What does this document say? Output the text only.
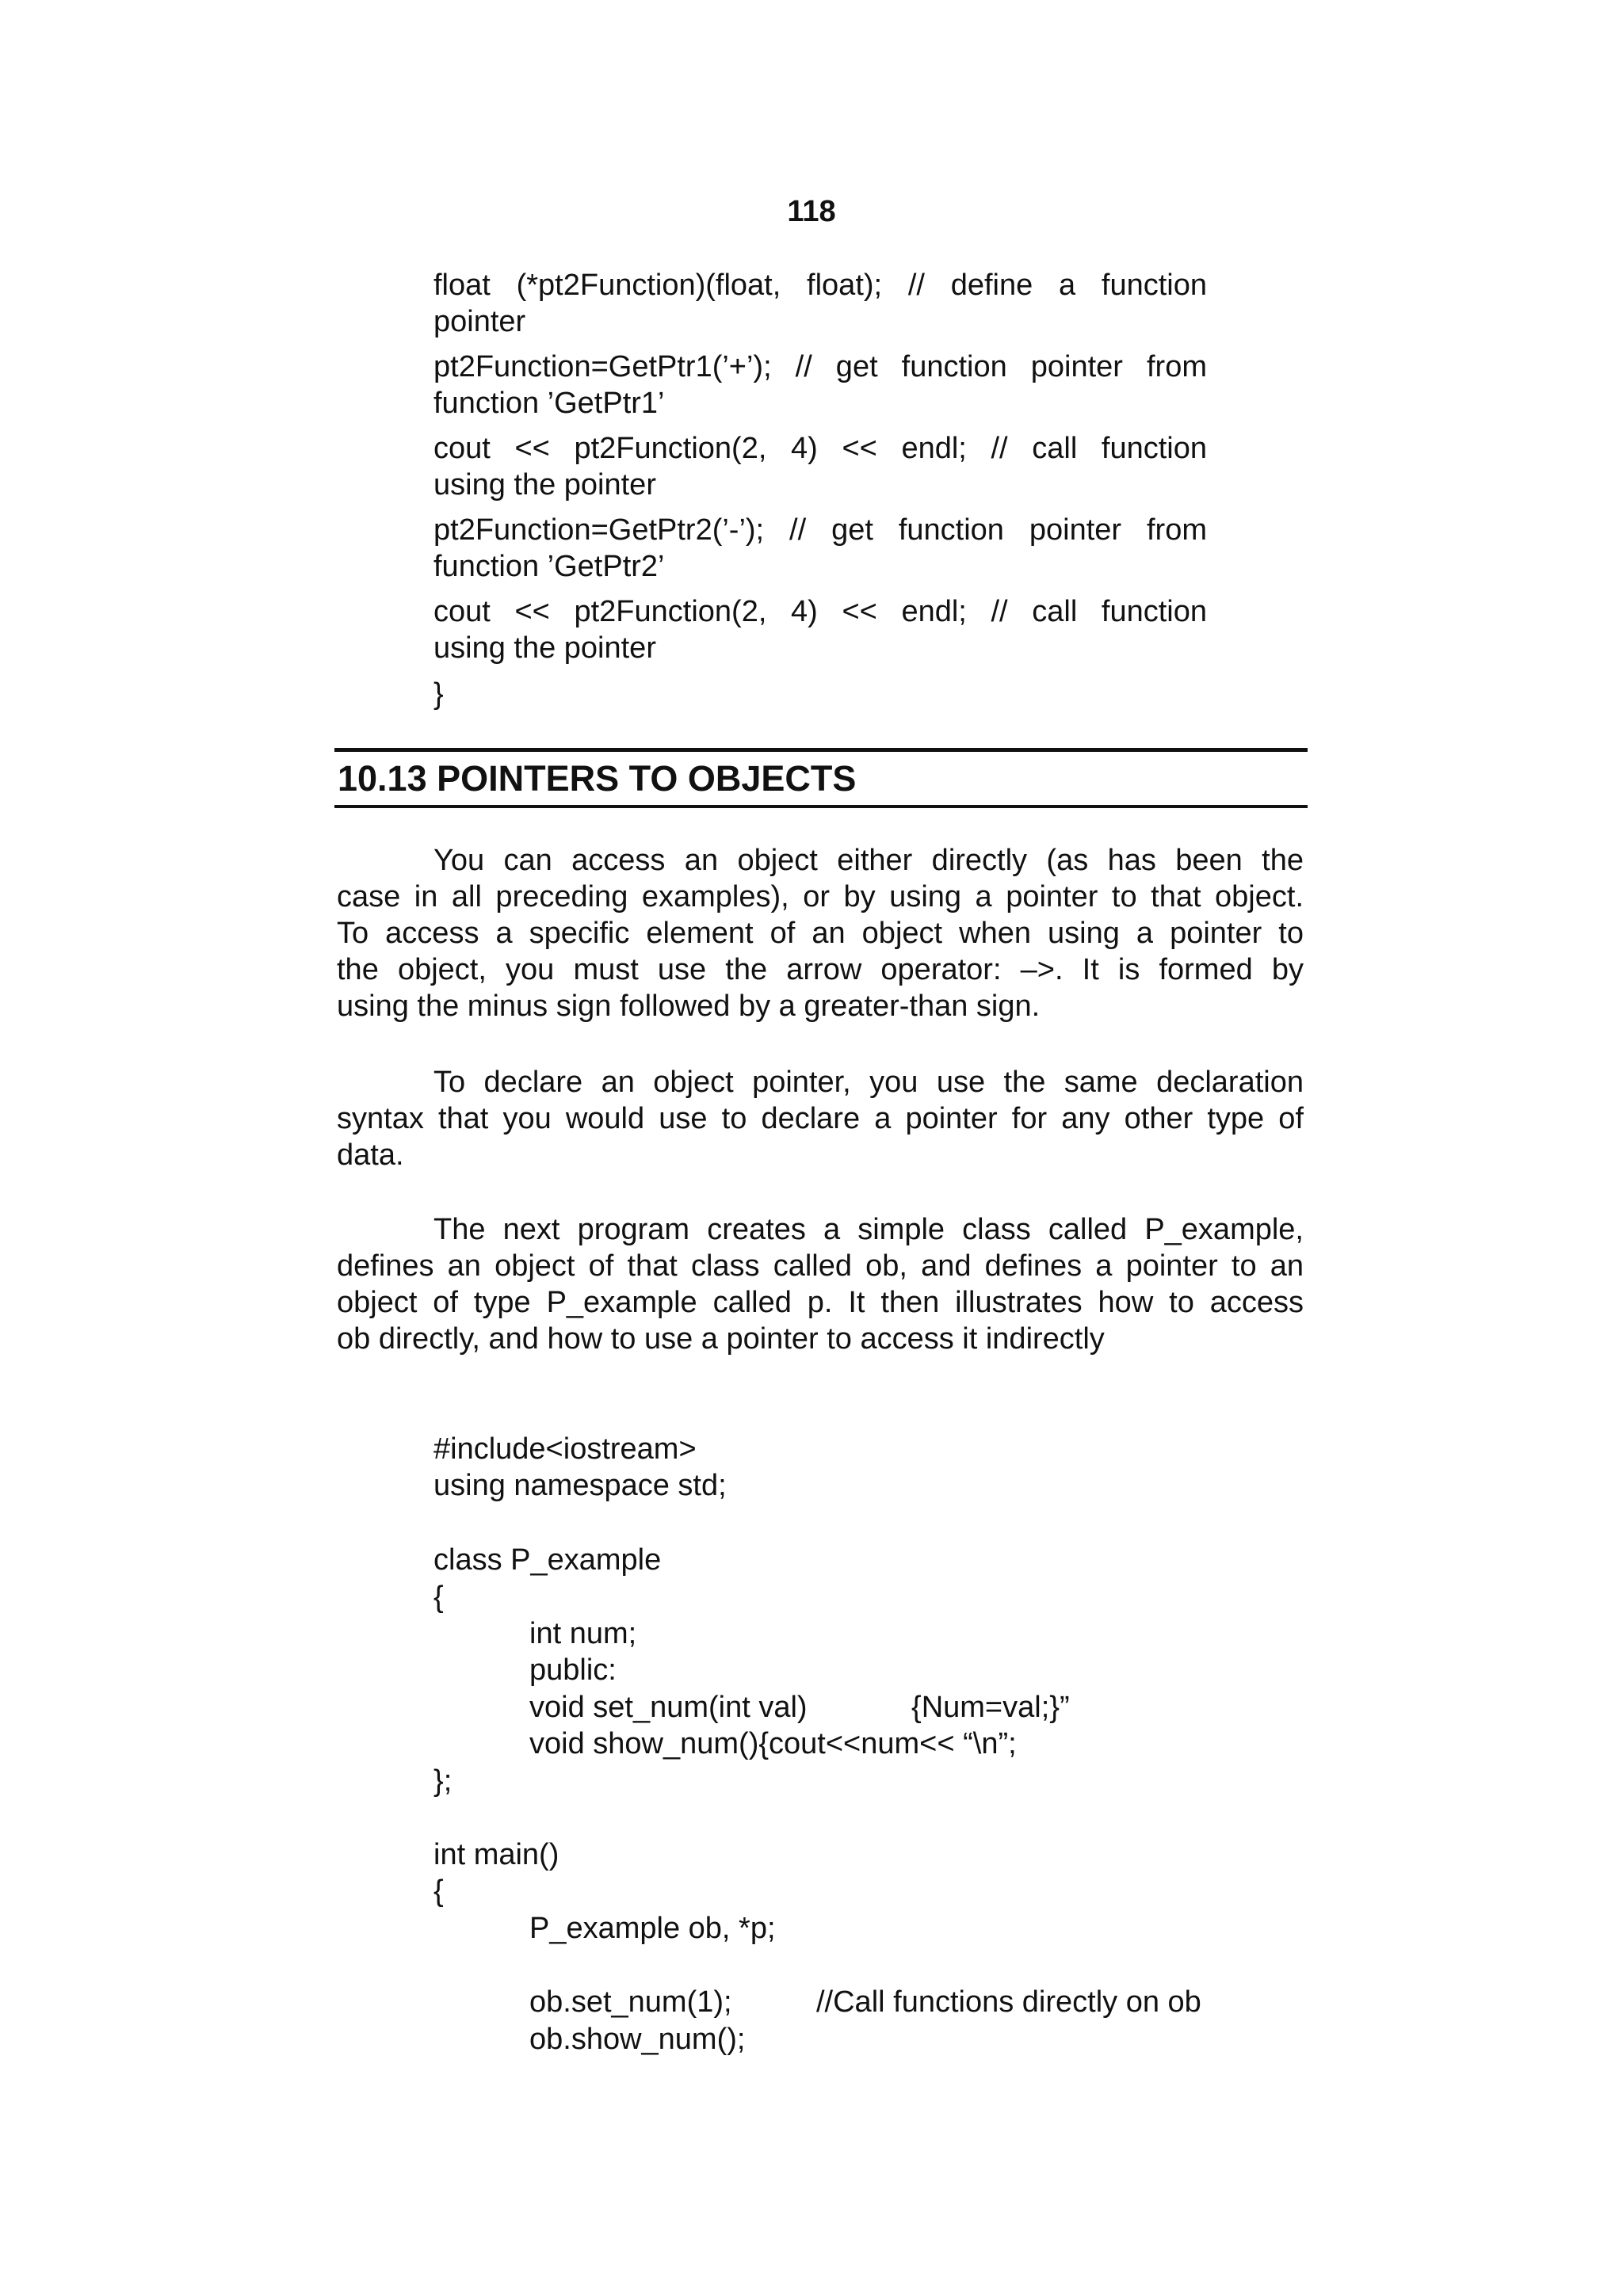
118
float (*pt2Function)(float, float); // define a function
pointer
pt2Function=GetPtr1(’+’); // get function pointer from
function ’GetPtr1’
cout << pt2Function(2, 4) << endl; // call function
using the pointer
pt2Function=GetPtr2(’-’); // get function pointer from
function ’GetPtr2’
cout << pt2Function(2, 4) << endl; // call function
using the pointer
}
10.13 POINTERS TO OBJECTS
You can access an object either directly (as has been the
case in all preceding examples), or by using a pointer to that object.
To access a specific element of an object when using a pointer to
the object, you must use the arrow operator: –>. It is formed by
using the minus sign followed by a greater-than sign.
To declare an object pointer, you use the same declaration
syntax that you would use to declare a pointer for any other type of
data.
The next program creates a simple class called P_example,
defines an object of that class called ob, and defines a pointer to an
object of type P_example called p. It then illustrates how to access
ob directly, and how to use a pointer to access it indirectly
#include<iostream>
using namespace std;
class P_example
{
int num;
public:
void set_num(int val)	{Num=val;}”
void show_num(){cout<<num<< “\n”;
};
int main()
{
P_example ob, *p;
ob.set_num(1);	//Call functions directly on ob
ob.show_num();
